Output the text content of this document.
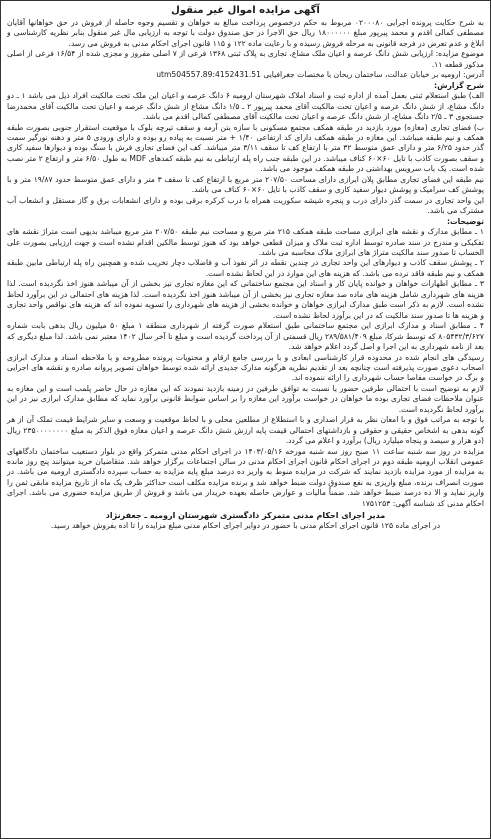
آگهی مزایده اموال غیر منقول

به شرح حکایت پرونده اجرایی ۰۲۰۰۰۸۰ مربوط به حکم درخصوص پرداخت مبالغ به خواهان و تقسیم وجوه حاصله از فروش در حق خواهانها آقایان مصطفی کمالی اقدم و محمد پیرپور مبلغ ۱۸۰۰۰۰۰۰ ریال حق الاجرا در حق صندوق دولت با توجه به ارزیابی مال غیر منقول بنابر نظریه کارشناسی و ابلاغ و عدم تعرض در فرجه قانونی به مرحله فروش رسیده و با رعایت ماده ۱۲۲ و ۱۱۵ قانون اجرای احکام مدنی به فروش می رسد.

موضوع مزایده: ارزیابی شش دانگ عرصه و اعیان ملک مشاع، تجاری به پلاک ثبتی ۱۳۶۸ فرعی از ۷ اصلی مفروز و مجزی شده از ۱۶/۵۴ فرعی از اصلی مذکور قطعه ۱۱.

آدرس: ارومیه بر خیابان عدالت، ساختمان ریحان با مختصات جغرافیایی 4152431.51:utm504557.89

شرح گزارش:

الف) طبق استعلام ثبتی بعمل آمده از اداره ثبت و اسناد املاک شهرستان ارومیه ۶ دانگ عرصه و اعیان این ملک تحت مالکیت افراد ذیل می باشد ۱ ـ دو دانگ مشاع، از شش دانگ عرصه و اعیان تحت مالکیت آقای محمد پیرپور ۲ ـ ۱/۵ دانگ مشاع از شش دانگ عرصه و اعیان تحت مالکیت آقای محمدرضا جستجوی ۳ ـ ۲/۵ دانگ مشاع، از شش دانگ عرصه و اعیان تحت مالکیت آقای مصطفی کمالی اقدم می باشد.

ب) فضای تجاری (مغازه) مورد بازدید در طبقه همکف مجتمع مسکونی با سازه بتن آرمه و سقف تیرچه بلوک با موقعیت استقرار جنوبی بصورت طبقه همکف و نیم طبقه میباشد. این مغازه در طبقه همکف دارای کد ارتفاعی ۱/۴۰ + متر نسبت به پیاده رو بوده و دارای ورودی ۵ متر و دهنه نورگیر سمت گذر حدود ۶/۲۵ متر و دارای عمق متوسط ۳۲ متر با ارتفاع کف تا سقف ۳/۱۱ متر میباشد. کف این فضای تجاری فرش با سنگ بوده و دیوارها سفید کاری و سقف بصورت کاذب با تایل ۶۰×۶۰ کناف میباشد. در این طبقه جنب راه پله ارتباطی به نیم طبقه کمدهای MDF به طول ۶/۵۰ متر و ارتفاع ۲ متر نصب شده است. یک باب سرویس بهداشتی در طبقه همکف موجود می باشد.

نیم طبقه این فضای تجاری مطابق پلان ابرازی دارای مساحت ۲۰۷/۵۰ متر مربع با ارتفاع کف تا سقف ۳ متر و دارای عمق متوسط حدود ۱۹/۸۷ متر و با پوشش کف سرامیک و پوشش دیوار سفید کاری و سقف کاذب با تایل ۶۰×۶۰ کناف می باشد.

این واحد تجاری در سمت گذر دارای درب و پنجره شیشه سکوریت همراه با درب کرکره برقی بوده و دارای انشعابات برق و گاز مستقل و انشعاب آب مشترک می باشد.

توضیحات:

۱ ـ مطابق مدارک و نقشه های ابرازی مساحت طبقه همکف ۲۱۵ متر مربع و مساحت نیم طبقه ۲۰۷/۵۰ متر مربع میباشد بدیهی است متراژ نقشه های تفکیکی و مندرج در سند صادره توسط اداره ثبت ملاک و میزان قطعی خواهد بود که هنوز توسط مالکین اقدام نشده است و جهت ارزیابی بصورت علی الحساب تا صدور سند مالکیت متراژ های ابرازی ملاک محاسبه می باشد.

۲ ـ پوشش سقف کاذب و دیوارهای این واحد تجاری در چندین نقطه در اثر نفوذ آب و فاضلاب دچار تخریب شده و همچنین راه پله ارتباطی مابین طبقه همکف و نیم طبقه فاقد نرده می باشد. که هزینه های این موارد در این لحاظ نشده است.

۳ ـ مطابق اظهارات خواهان و خوانده پایان کار و اسناد این مجتمع ساختمانی که این مغازه تجاری نیز بخشی از آن میباشد هنوز اخذ نگردیده است. لذا هزینه های شهرداری شامل هزینه های ماده صد مغازه تجاری نیز بخشی از آن میباشد هنوز اخذ نگردیده است. لذا هزینه های احتمالی در این برآورد لحاظ نشده است. لازم به ذکر است طبق مدارک ابرازی خواهان و خوانده بخشی از هزینه های شهرداری را تسویه نموده اند که هزینه های نواقص واحد تجاری و هزینه ها تا صدور سند مالکیت که در این برآورد لحاظ نشده است.

۴ ـ مطابق اسناد و مدارک ابرازی این مجتمع ساختمانی طبق استعلام صورت گرفته از شهرداری منطقه ۱ مبلغ ۵۰ میلیون ریال بدهی بابت شماره ۸۰۵۴۳۲/۳/۶۲۷ که توسط شرکا، مبلغ ۲۸۹/۵۸۱/۴۰۹ ریال قسمتی از آن پرداخت گردیده است و مبلغ تا آخر سال ۱۴۰۲ معتبر نمی باشد. لذا مبلغ دیگری که بعد از نامه شهرداری به این اجرا و اصل گردد اعلام خواهد شد.

رسیدگی های انجام شده در محدوده قرار کارشناسی ابعادی و با بررسی جامع ارقام و محتویات پرونده مطروحه و با ملاحظه اسناد و مدارک ابرازی اصحاب دعوی صورت پذیرفته است چنانچه بعد از تقدیم نظریه هرگونه مدارک جدیدی ارائه شده توسط خواهان تصویر پروانه صادره و نقشه های اجرایی و برگ در خواست مفاصا حساب شهرداری را ارائه ننموده اند.

لازم به توضیح است با احتمالی طرفین حضور یا نسبت به توافق طرفین در زمینه بازدید نمودند که این مغازه در حال حاضر پلمب است و این مغازه به عنوان ملاحظات فضای تجاری بوده ما خواهان در خواست برآورد این مغازه را بر اساس ضوابط قانونی برآورد نماید که مطابق مدارک ابرازی نیز در این برآورد لحاظ نگردیده است.

با توجه به مراتب فوق و با امعان نظر به قرار اصداری و با استطلاع از مطلعین محلی و با لحاظ موقعیت و وسعت و سایر شرایط قیمت تملک آن از هر گونه بدهی به اشخاص حقیقی و حقوقی و بازداشتهای احتمالی قیمت پایه ارزش شش دانگ عرصه و اعیان مغازه فوق الذکر به مبلغ ۲۳۵۰۰۰۰۰۰۰۰ ریال (دو هزار و سیصد و پنجاه میلیارد ریال) برآورد و اعلام می گردد.

مزایده در روز سه شنبه ساعت ۱۱ صبح روز سه شنبه مورخه ۱۴۰۳/۰۵/۱۶ در اجرای احکام مدنی متمرکز واقع در بلوار دستغیب ساختمان دادگاههای عمومی انقلاب ارومیه طبقه دوم در اجرای احکام قانون اجرای احکام مدنی در سالن اجتماعات برگزار خواهد شد. متقاضیان خرید میتوانند پنج روز مانده به مزایده از مورد مزایده بازدید نمایند که شرکت در مزایده منوط به واریز ده درصد مبلغ پایه مزایده به حساب سپرده دادگستری ارومیه می باشد. در صورت انصراف برنده، مبلغ واریزی به نفع صندوق دولت ضبط خواهد شد و برنده مزایده مکلف است حداکثر ظرف یک ماه از تاریخ مزایده مابقی ثمن را واریز نماید و الا ده درصد ضبط خواهد شد. ضمناً مالیات و عوارض حاصله بعهده خریدار می باشد و فروش از طریق مزایده حضوری می باشد. اجرای احکام مدنی کد شناسه آگهی: ۱۷۵۱۲۵۳

مدیر اجرای احکام مدنی متمرکز دادگستری شهرستان ارومیه ـ جعفرنژاد

در اجرای ماده ۱۲۵ قانون اجرای احکام مدنی با حضور در دوایر اجرای احکام مدنی مبلغ مزایده را تا اده بفروش خواهد رسید.
